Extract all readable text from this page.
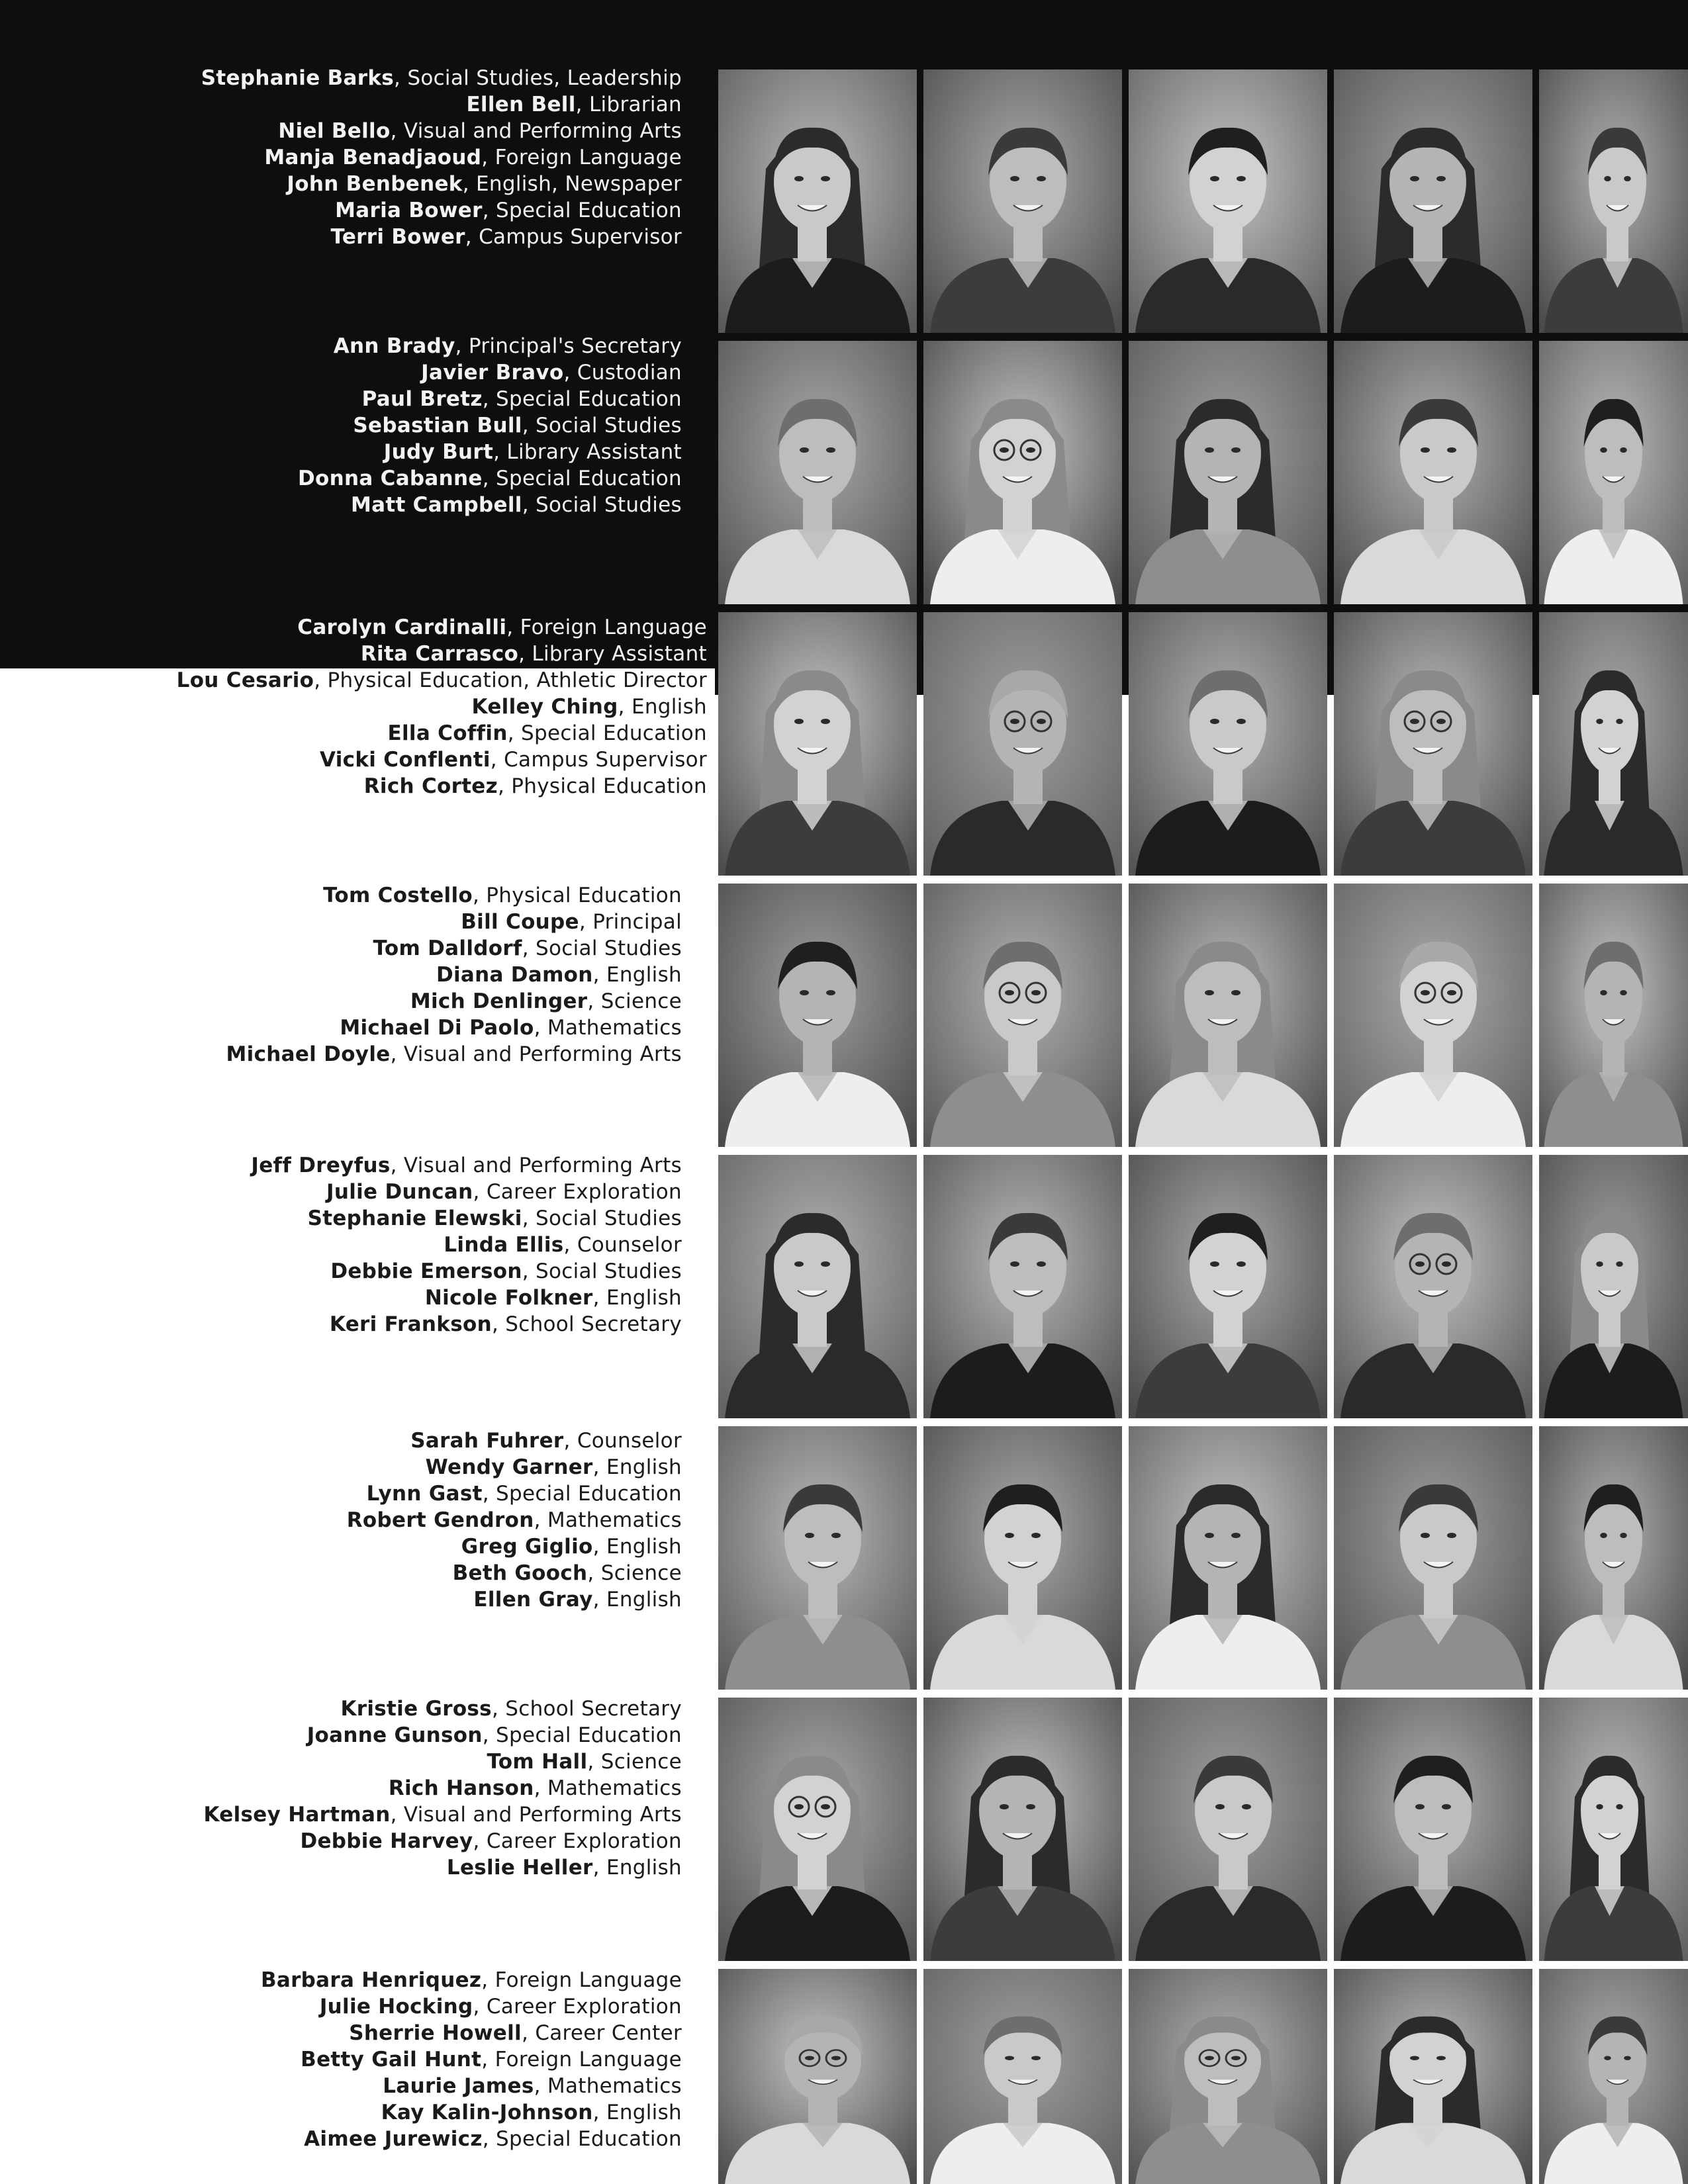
Stephanie Barks, Social Studies, Leadership
Ellen Bell, Librarian
Niel Bello, Visual and Performing Arts
Manja Benadjaoud, Foreign Language
John Benbenek, English, Newspaper
Maria Bower, Special Education
Terri Bower, Campus Supervisor
Ann Brady, Principal's Secretary
Javier Bravo, Custodian
Paul Bretz, Special Education
Sebastian Bull, Social Studies
Judy Burt, Library Assistant
Donna Cabanne, Special Education
Matt Campbell, Social Studies
Carolyn Cardinalli, Foreign Language
Rita Carrasco, Library Assistant
Lou Cesario, Physical Education, Athletic Director
Kelley Ching, English
Ella Coffin, Special Education
Vicki Conflenti, Campus Supervisor
Rich Cortez, Physical Education
Tom Costello, Physical Education
Bill Coupe, Principal
Tom Dalldorf, Social Studies
Diana Damon, English
Mich Denlinger, Science
Michael Di Paolo, Mathematics
Michael Doyle, Visual and Performing Arts
Jeff Dreyfus, Visual and Performing Arts
Julie Duncan, Career Exploration
Stephanie Elewski, Social Studies
Linda Ellis, Counselor
Debbie Emerson, Social Studies
Nicole Folkner, English
Keri Frankson, School Secretary
Sarah Fuhrer, Counselor
Wendy Garner, English
Lynn Gast, Special Education
Robert Gendron, Mathematics
Greg Giglio, English
Beth Gooch, Science
Ellen Gray, English
Kristie Gross, School Secretary
Joanne Gunson, Special Education
Tom Hall, Science
Rich Hanson, Mathematics
Kelsey Hartman, Visual and Performing Arts
Debbie Harvey, Career Exploration
Leslie Heller, English
Barbara Henriquez, Foreign Language
Julie Hocking, Career Exploration
Sherrie Howell, Career Center
Betty Gail Hunt, Foreign Language
Laurie James, Mathematics
Kay Kalin-Johnson, English
Aimee Jurewicz, Special Education
